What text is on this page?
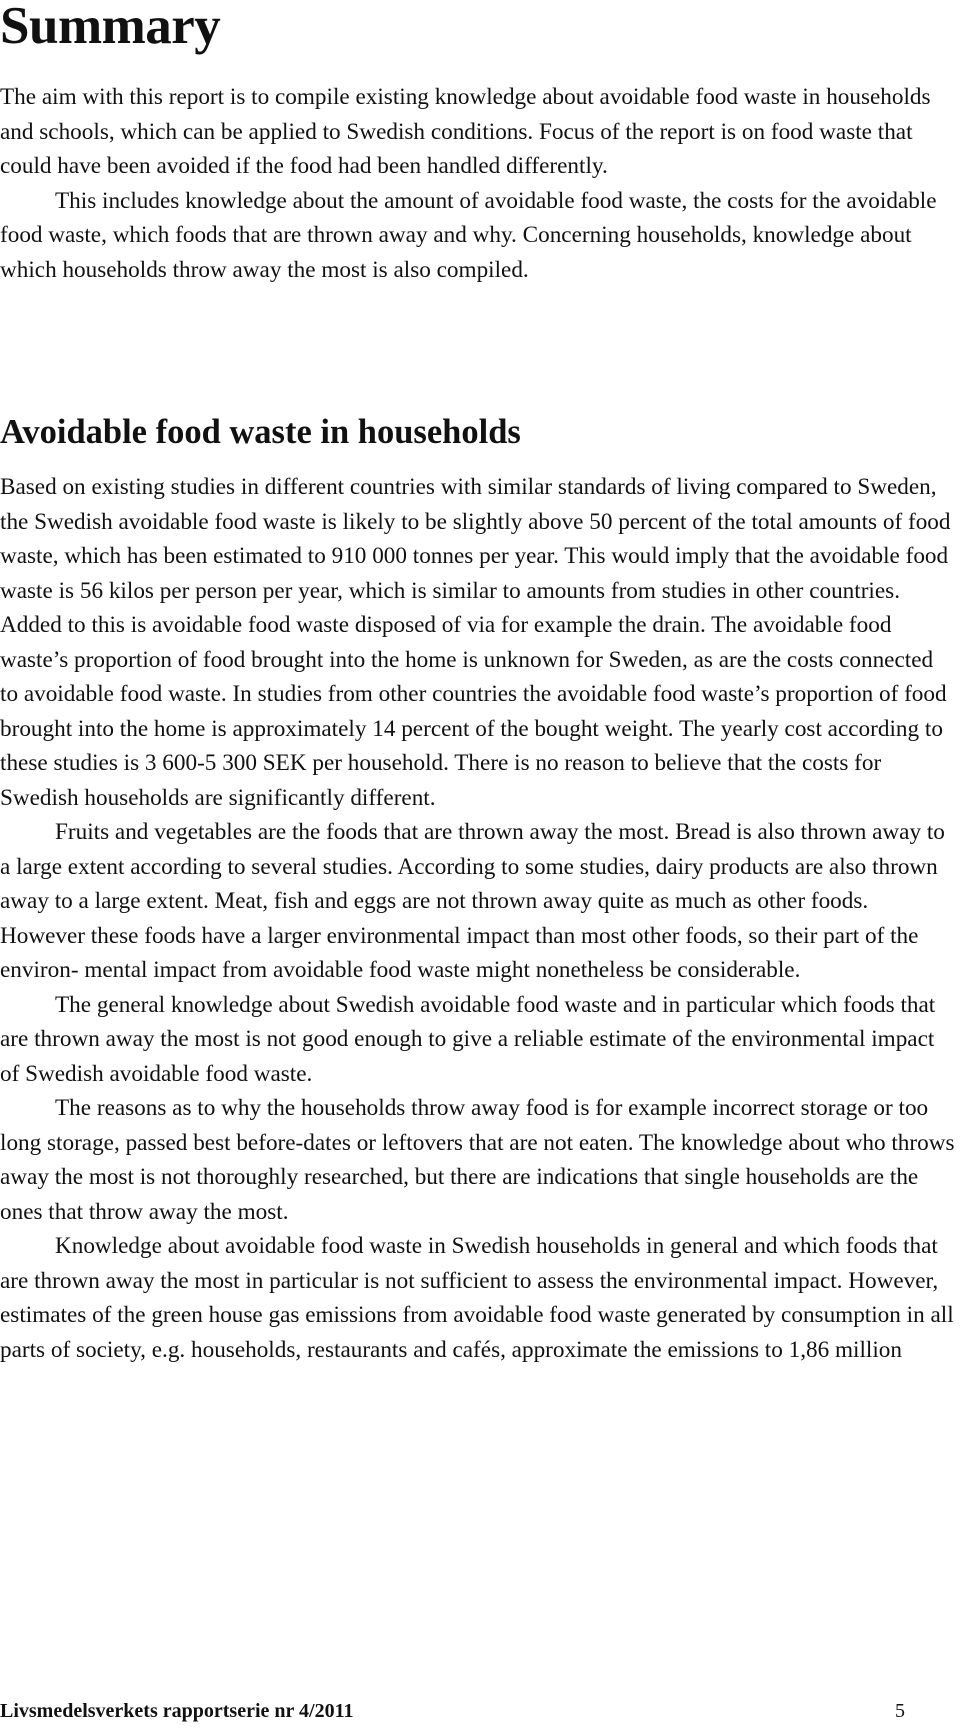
Summary

The aim with this report is to compile existing knowledge about avoidable food waste in households and schools, which can be applied to Swedish conditions. Focus of the report is on food waste that could have been avoided if the food had been handled differently.

This includes knowledge about the amount of avoidable food waste, the costs for the avoidable food waste, which foods that are thrown away and why. Concerning households, knowledge about which households throw away the most is also compiled.

Avoidable food waste in households

Based on existing studies in different countries with similar standards of living compared to Sweden, the Swedish avoidable food waste is likely to be slightly above 50 percent of the total amounts of food waste, which has been estimated to 910 000 tonnes per year. This would imply that the avoidable food waste is 56 kilos per person per year, which is similar to amounts from studies in other countries. Added to this is avoidable food waste disposed of via for example the drain. The avoidable food waste’s proportion of food brought into the home is unknown for Sweden, as are the costs connected to avoidable food waste. In studies from other countries the avoidable food waste’s proportion of food brought into the home is approximately 14 percent of the bought weight. The yearly cost according to these studies is 3 600-5 300 SEK per household. There is no reason to believe that the costs for Swedish households are significantly different.

Fruits and vegetables are the foods that are thrown away the most. Bread is also thrown away to a large extent according to several studies. According to some studies, dairy products are also thrown away to a large extent. Meat, fish and eggs are not thrown away quite as much as other foods. However these foods have a larger environmental impact than most other foods, so their part of the environ- mental impact from avoidable food waste might nonetheless be considerable.

The general knowledge about Swedish avoidable food waste and in particular which foods that are thrown away the most is not good enough to give a reliable estimate of the environmental impact of Swedish avoidable food waste.

The reasons as to why the households throw away food is for example incorrect storage or too long storage, passed best before-dates or leftovers that are not eaten. The knowledge about who throws away the most is not thoroughly researched, but there are indications that single households are the ones that throw away the most.

Knowledge about avoidable food waste in Swedish households in general and which foods that are thrown away the most in particular is not sufficient to assess the environmental impact. However, estimates of the green house gas emissions from avoidable food waste generated by consumption in all parts of society, e.g. households, restaurants and cafés, approximate the emissions to 1,86 million

Livsmedelsverkets rapportserie nr 4/2011	5
